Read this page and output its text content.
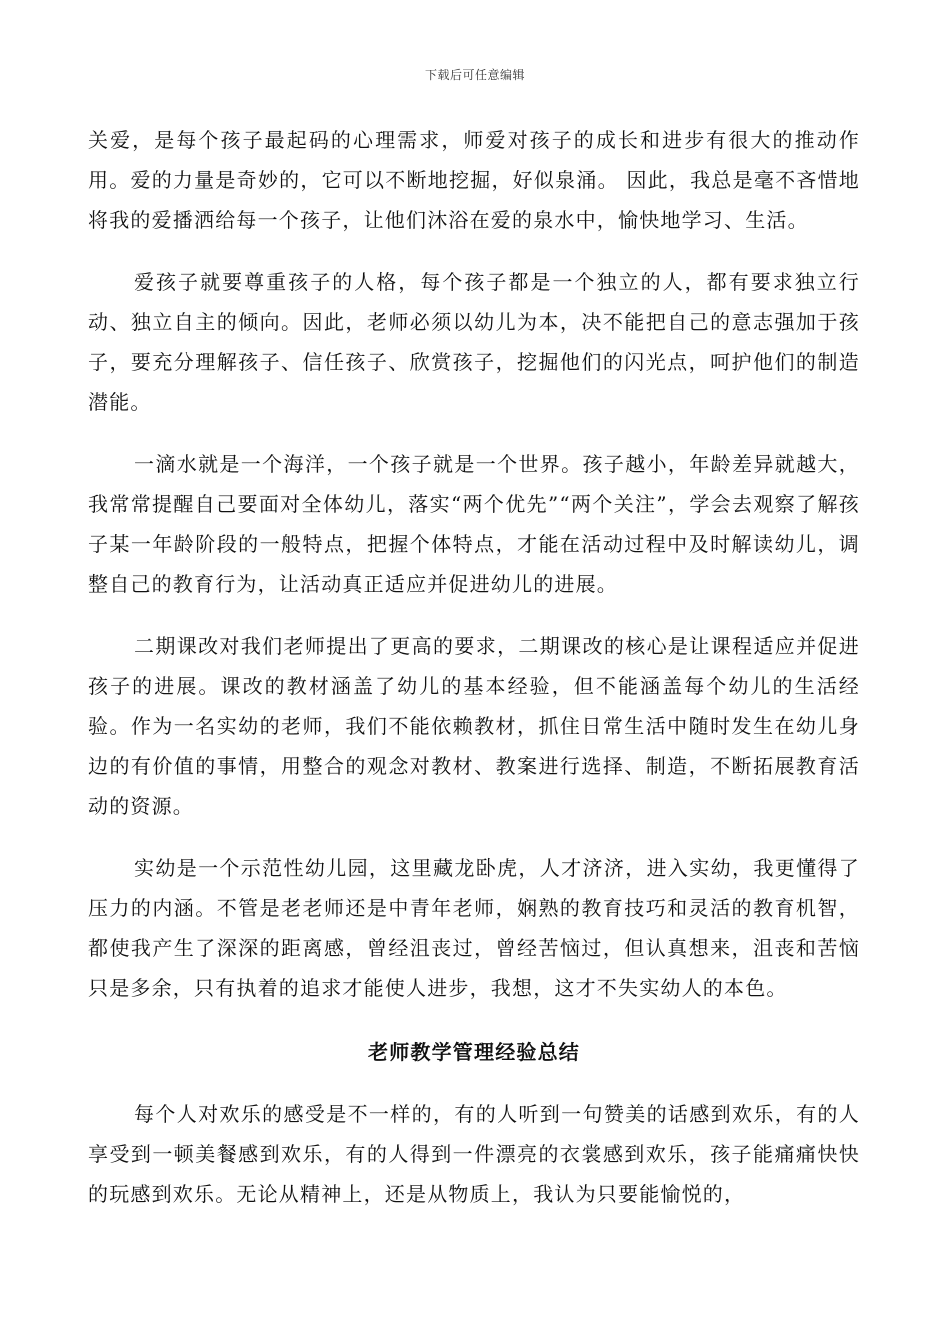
下载后可任意编辑

关爱，是每个孩子最起码的心理需求，师爱对孩子的成长和进步有很大的推动作用。爱的力量是奇妙的，它可以不断地挖掘，好似泉涌。 因此，我总是毫不吝惜地将我的爱播洒给每一个孩子，让他们沐浴在爱的泉水中，愉快地学习、生活。

爱孩子就要尊重孩子的人格，每个孩子都是一个独立的人，都有要求独立行动、独立自主的倾向。因此，老师必须以幼儿为本，决不能把自己的意志强加于孩子，要充分理解孩子、信任孩子、欣赏孩子，挖掘他们的闪光点，呵护他们的制造潜能。

一滴水就是一个海洋，一个孩子就是一个世界。孩子越小，年龄差异就越大，我常常提醒自己要面对全体幼儿，落实“两个优先”“两个关注”，学会去观察了解孩子某一年龄阶段的一般特点，把握个体特点，才能在活动过程中及时解读幼儿，调整自己的教育行为，让活动真正适应并促进幼儿的进展。

二期课改对我们老师提出了更高的要求，二期课改的核心是让课程适应并促进孩子的进展。课改的教材涵盖了幼儿的基本经验，但不能涵盖每个幼儿的生活经验。作为一名实幼的老师，我们不能依赖教材，抓住日常生活中随时发生在幼儿身边的有价值的事情，用整合的观念对教材、教案进行选择、制造，不断拓展教育活动的资源。

实幼是一个示范性幼儿园，这里藏龙卧虎，人才济济，进入实幼，我更懂得了压力的内涵。不管是老老师还是中青年老师，娴熟的教育技巧和灵活的教育机智，都使我产生了深深的距离感，曾经沮丧过，曾经苦恼过，但认真想来，沮丧和苦恼只是多余，只有执着的追求才能使人进步，我想，这才不失实幼人的本色。

老师教学管理经验总结

每个人对欢乐的感受是不一样的，有的人听到一句赞美的话感到欢乐，有的人享受到一顿美餐感到欢乐，有的人得到一件漂亮的衣裳感到欢乐，孩子能痛痛快快的玩感到欢乐。无论从精神上，还是从物质上，我认为只要能愉悦的，
